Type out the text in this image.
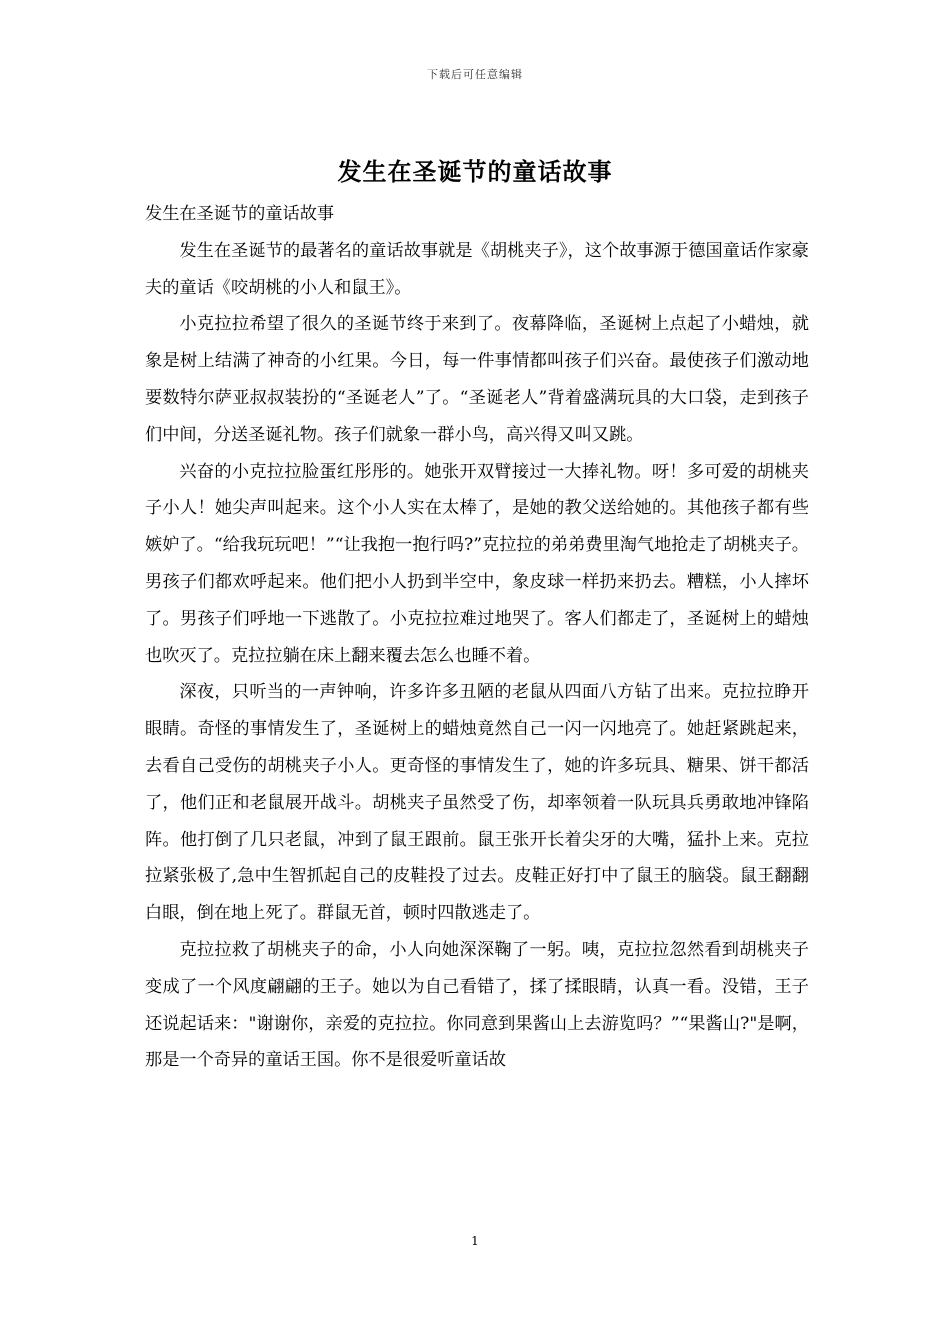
下载后可任意编辑
发生在圣诞节的童话故事

发生在圣诞节的童话故事

发生在圣诞节的最著名的童话故事就是《胡桃夹子》，这个故事源于德国童话作家豪夫的童话《咬胡桃的小人和鼠王》。

小克拉拉希望了很久的圣诞节终于来到了。夜幕降临，圣诞树上点起了小蜡烛，就象是树上结满了神奇的小红果。今日，每一件事情都叫孩子们兴奋。最使孩子们激动地要数特尔萨亚叔叔装扮的“圣诞老人”了。“圣诞老人”背着盛满玩具的大口袋，走到孩子们中间，分送圣诞礼物。孩子们就象一群小鸟，高兴得又叫又跳。

兴奋的小克拉拉脸蛋红彤彤的。她张开双臂接过一大捧礼物。呀！多可爱的胡桃夹子小人！她尖声叫起来。这个小人实在太棒了，是她的教父送给她的。其他孩子都有些嫉妒了。“给我玩玩吧！”“让我抱一抱行吗?”克拉拉的弟弟费里淘气地抢走了胡桃夹子。男孩子们都欢呼起来。他们把小人扔到半空中，象皮球一样扔来扔去。糟糕，小人摔坏了。男孩子们呼地一下逃散了。小克拉拉难过地哭了。客人们都走了，圣诞树上的蜡烛也吹灭了。克拉拉躺在床上翻来覆去怎么也睡不着。

深夜，只听当的一声钟响，许多许多丑陋的老鼠从四面八方钻了出来。克拉拉睁开眼睛。奇怪的事情发生了，圣诞树上的蜡烛竟然自己一闪一闪地亮了。她赶紧跳起来，去看自己受伤的胡桃夹子小人。更奇怪的事情发生了，她的许多玩具、糖果、饼干都活了，他们正和老鼠展开战斗。胡桃夹子虽然受了伤，却率领着一队玩具兵勇敢地冲锋陷阵。他打倒了几只老鼠，冲到了鼠王跟前。鼠王张开长着尖牙的大嘴，猛扑上来。克拉拉紧张极了,急中生智抓起自己的皮鞋投了过去。皮鞋正好打中了鼠王的脑袋。鼠王翻翻白眼，倒在地上死了。群鼠无首，顿时四散逃走了。

克拉拉救了胡桃夹子的命，小人向她深深鞠了一躬。咦，克拉拉忽然看到胡桃夹子变成了一个风度翩翩的王子。她以为自己看错了，揉了揉眼睛，认真一看。没错，王子还说起话来："谢谢你，亲爱的克拉拉。你同意到果酱山上去游览吗？”“果酱山?"是啊，那是一个奇异的童话王国。你不是很爱听童话故

1
